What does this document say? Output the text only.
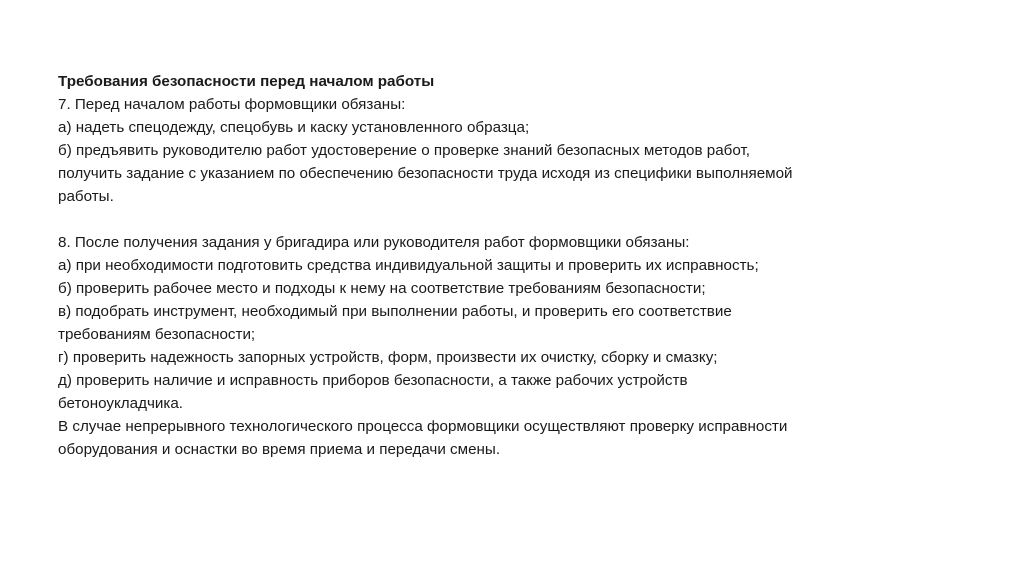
Требования безопасности перед началом работы
7. Перед началом работы формовщики обязаны:
а) надеть спецодежду, спецобувь и каску установленного образца;
б) предъявить руководителю работ удостоверение о проверке знаний безопасных методов работ,
получить задание с указанием по обеспечению безопасности труда исходя из специфики выполняемой
работы.
8. После получения задания у бригадира или руководителя работ формовщики обязаны:
а) при необходимости подготовить средства индивидуальной защиты и проверить их исправность;
б) проверить рабочее место и подходы к нему на соответствие требованиям безопасности;
в) подобрать инструмент, необходимый при выполнении работы, и проверить его соответствие
требованиям безопасности;
г) проверить надежность запорных устройств, форм, произвести их очистку, сборку и смазку;
д) проверить наличие и исправность приборов безопасности, а также рабочих устройств
бетоноукладчика.
В случае непрерывного технологического процесса формовщики осуществляют проверку исправности
оборудования и оснастки во время приема и передачи смены.
